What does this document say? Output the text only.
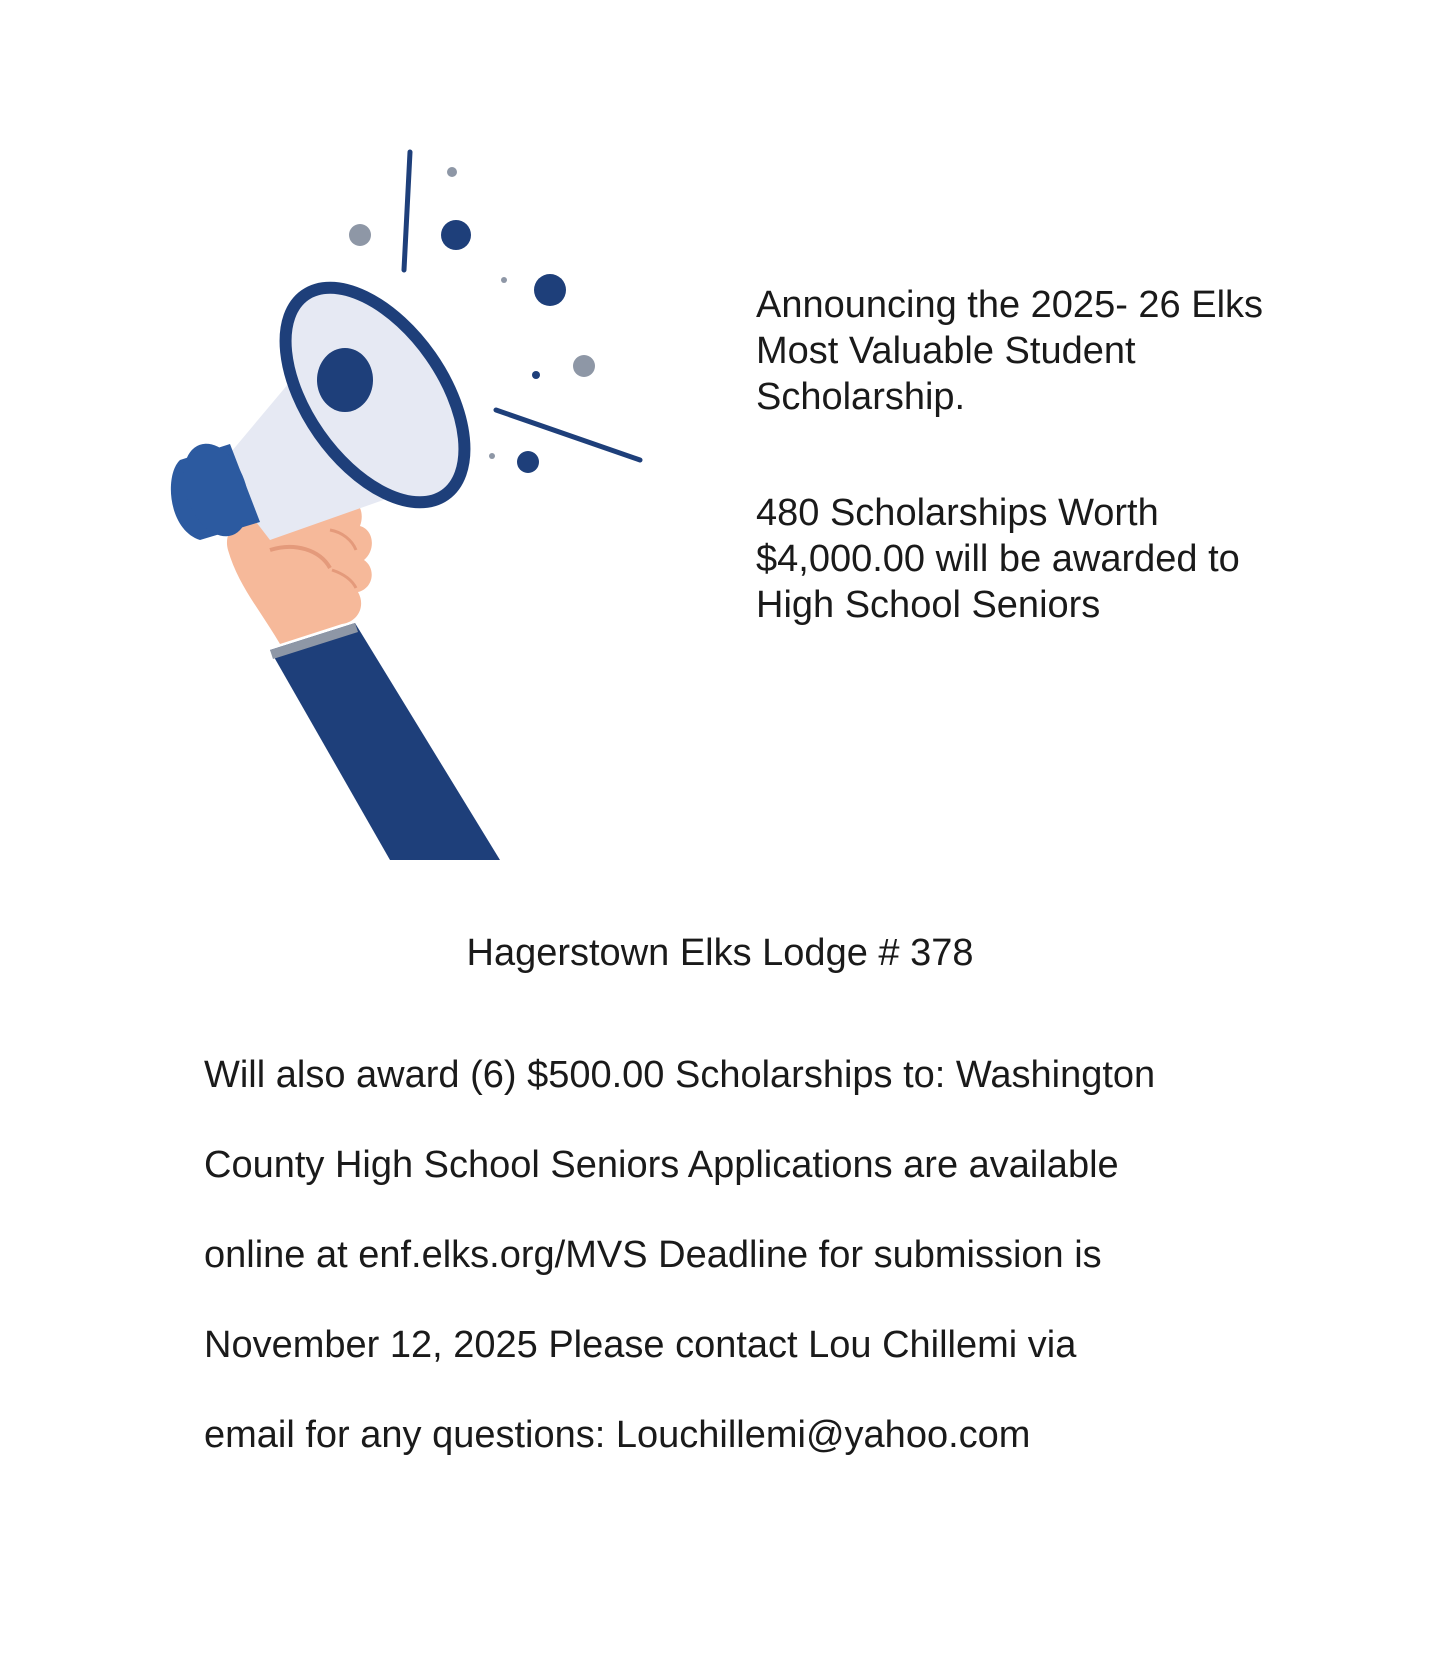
Announcing the 2025- 26 Elks
Most Valuable Student
Scholarship.

480 Scholarships Worth
$4,000.00 will be awarded to
High School Seniors

Hagerstown Elks Lodge # 378
Will also award (6) $500.00 Scholarships to: Washington
County High School Seniors Applications are available
online at enf.elks.org/MVS Deadline for submission is
November 12, 2025 Please contact Lou Chillemi via
email for any questions: Louchillemi@yahoo.com
